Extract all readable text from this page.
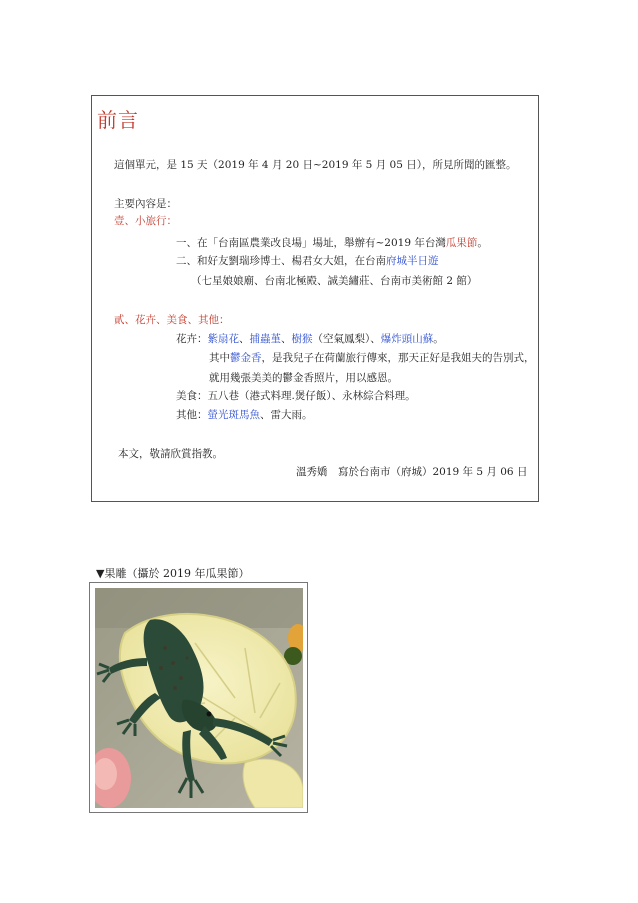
前言
這個單元，是 15 天（2019 年 4 月 20 日~2019 年 5 月 05 日），所見所聞的匯整。
主要內容是：
壹、小旅行：
一、在「台南區農業改良場」場址，舉辦有~2019 年台灣瓜果節。
二、和好友劉瑞珍博士、楊君女大姐，在台南府城半日遊
（七星娘娘廟、台南北極殿、誠美繡莊、台南市美術館 2 館）
貳、花卉、美食、其他：
花卉：紫扇花、捕蟲堇、樹猴（空氣鳳梨）、爆炸頭山蘇。
其中鬱金香，是我兒子在荷蘭旅行傳來，那天正好是我姐夫的告別式，
就用幾張美美的鬱金香照片，用以感恩。
美食：五八巷（港式料理.煲仔飯）、永林綜合料理。
其他：螢光斑馬魚、雷大雨。
本文，敬請欣賞指教。
溫秀嬌　寫於台南市（府城）2019 年 5 月 06 日
▼果雕（攝於 2019 年瓜果節）
